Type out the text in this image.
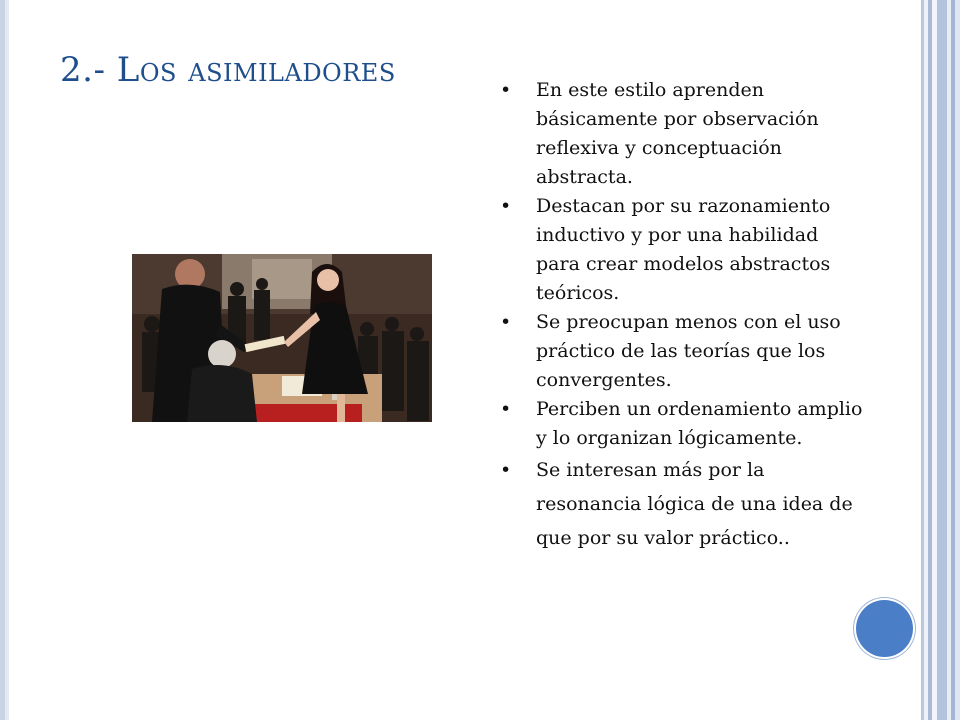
2.- Los asimiladores
•	En este estilo aprenden básicamente por observación reflexiva y conceptuación abstracta.
• Destacan por su razonamiento inductivo y por una habilidad para crear modelos abstractos teóricos.
• Se preocupan menos con el uso práctico de las teorías que los convergentes.
• Perciben un ordenamiento amplio y lo organizan lógicamente.
• Se interesan más por la resonancia lógica de una idea de que por su valor práctico..
